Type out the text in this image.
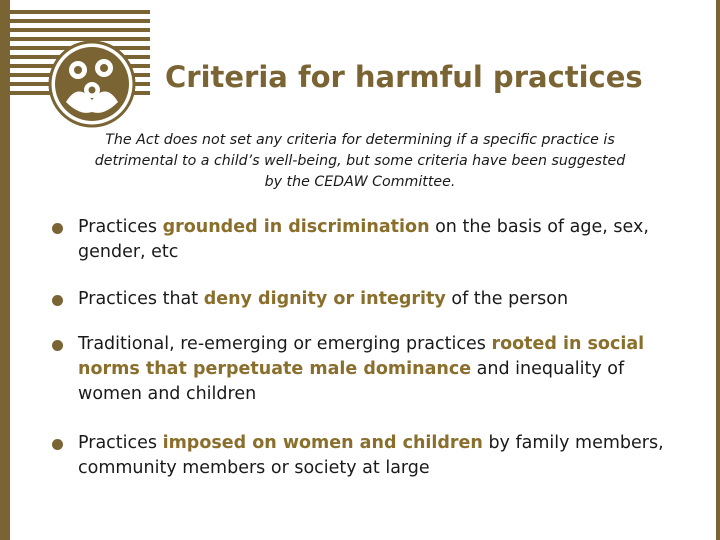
Criteria for harmful practices
The Act does not set any criteria for determining if a specific practice is detrimental to a child’s well-being, but some criteria have been suggested by the CEDAW Committee.
Practices grounded in discrimination on the basis of age, sex, gender, etc
Practices that deny dignity or integrity of the person
Traditional, re-emerging or emerging practices rooted in social norms that perpetuate male dominance and inequality of women and children
Practices imposed on women and children by family members, community members or society at large
